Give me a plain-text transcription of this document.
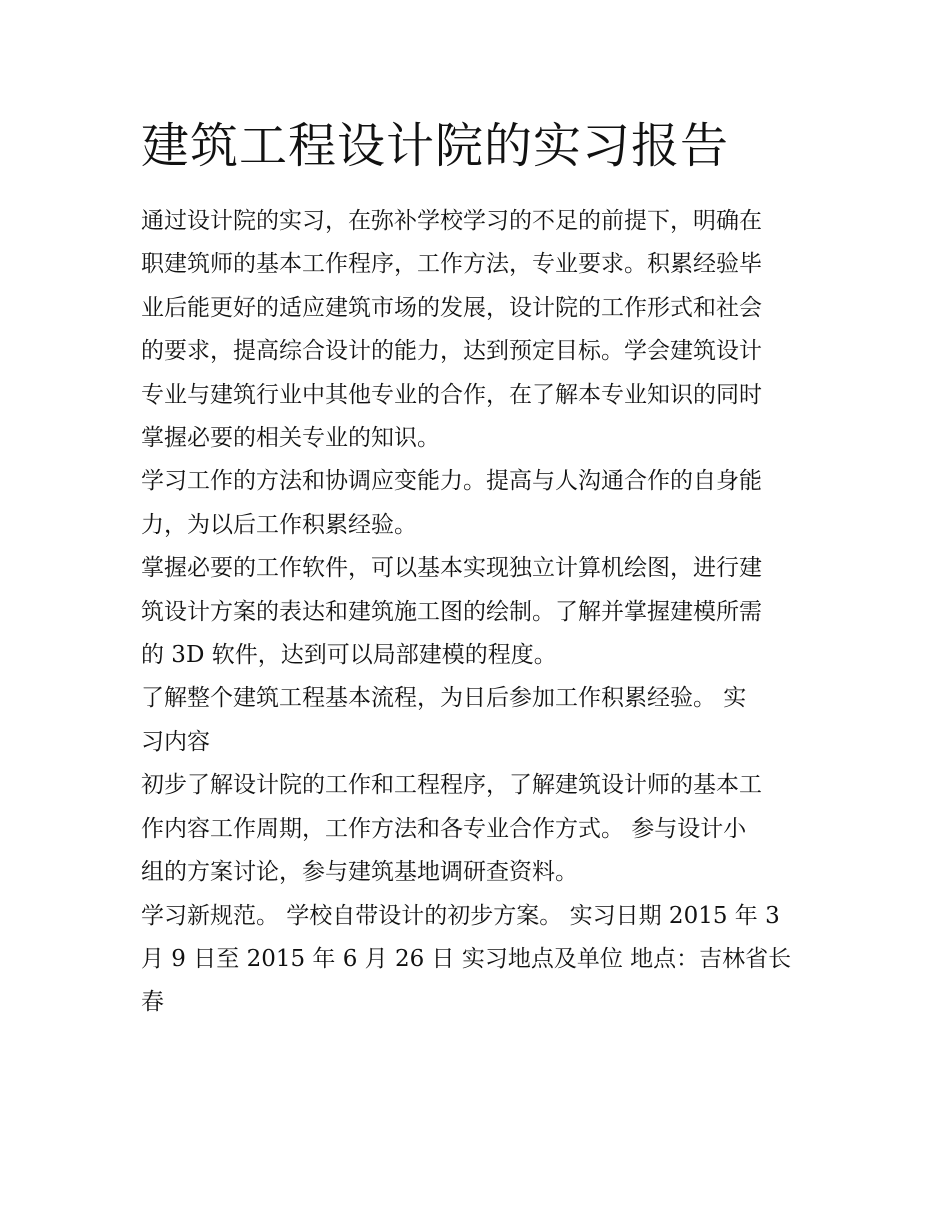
建筑工程设计院的实习报告

通过设计院的实习，在弥补学校学习的不足的前提下，明确在
职建筑师的基本工作程序，工作方法，专业要求。积累经验毕
业后能更好的适应建筑市场的发展，设计院的工作形式和社会
的要求，提高综合设计的能力，达到预定目标。学会建筑设计
专业与建筑行业中其他专业的合作，在了解本专业知识的同时
掌握必要的相关专业的知识。

学习工作的方法和协调应变能力。提高与人沟通合作的自身能
力，为以后工作积累经验。

掌握必要的工作软件，可以基本实现独立计算机绘图，进行建
筑设计方案的表达和建筑施工图的绘制。了解并掌握建模所需
的 3D 软件，达到可以局部建模的程度。

了解整个建筑工程基本流程，为日后参加工作积累经验。 实
习内容

初步了解设计院的工作和工程程序，了解建筑设计师的基本工
作内容工作周期，工作方法和各专业合作方式。 参与设计小
组的方案讨论，参与建筑基地调研查资料。

学习新规范。 学校自带设计的初步方案。 实习日期 2015 年 3
月 9 日至 2015 年 6 月 26 日 实习地点及单位 地点：吉林省长春
